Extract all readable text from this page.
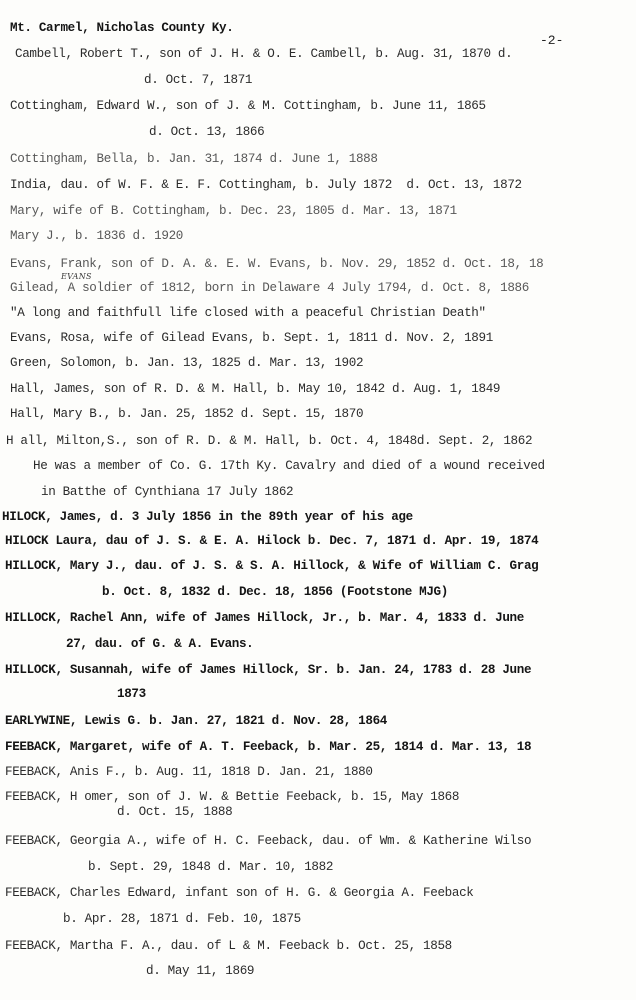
Mt. Carmel, Nicholas County Ky.
-2-
Cambell, Robert T., son of J. H. & O. E. Cambell, b. Aug. 31, 1870 d.
d. Oct. 7, 1871
Cottingham, Edward W., son of J. & M. Cottingham, b. June 11, 1865
d. Oct. 13, 1866
Cottingham, Bella, b. Jan. 31, 1874 d. June 1, 1888
India, dau. of W. F. & E. F. Cottingham, b. July 1872  d. Oct. 13, 1872
Mary, wife of B. Cottingham, b. Dec. 23, 1805 d. Mar. 13, 1871
Mary J., b. 1836 d. 1920
Evans, Frank, son of D. A. &. E. W. Evans, b. Nov. 29, 1852 d. Oct. 18, 18
EVANS
Gilead, A soldier of 1812, born in Delaware 4 July 1794, d. Oct. 8, 1886
"A long and faithfull life closed with a peaceful Christian Death"
Evans, Rosa, wife of Gilead Evans, b. Sept. 1, 1811 d. Nov. 2, 1891
Green, Solomon, b. Jan. 13, 1825 d. Mar. 13, 1902
Hall, James, son of R. D. & M. Hall, b. May 10, 1842 d. Aug. 1, 1849
Hall, Mary B., b. Jan. 25, 1852 d. Sept. 15, 1870
H all, Milton,S., son of R. D. & M. Hall, b. Oct. 4, 1848d. Sept. 2, 1862
He was a member of Co. G. 17th Ky. Cavalry and died of a wound received
in Batthe of Cynthiana 17 July 1862
HILOCK, James, d. 3 July 1856 in the 89th year of his age
HILOCK Laura, dau of J. S. & E. A. Hilock b. Dec. 7, 1871 d. Apr. 19, 1874
HILLOCK, Mary J., dau. of J. S. & S. A. Hillock, & Wife of William C. Grag
b. Oct. 8, 1832 d. Dec. 18, 1856 (Footstone MJG)
HILLOCK, Rachel Ann, wife of James Hillock, Jr., b. Mar. 4, 1833 d. June
27, dau. of G. & A. Evans.
HILLOCK, Susannah, wife of James Hillock, Sr. b. Jan. 24, 1783 d. 28 June
1873
EARLYWINE, Lewis G. b. Jan. 27, 1821 d. Nov. 28, 1864
FEEBACK, Margaret, wife of A. T. Feeback, b. Mar. 25, 1814 d. Mar. 13, 18
FEEBACK, Anis F., b. Aug. 11, 1818 D. Jan. 21, 1880
FEEBACK, H omer, son of J. W. & Bettie Feeback, b. 15, May 1868
d. Oct. 15, 1888
FEEBACK, Georgia A., wife of H. C. Feeback, dau. of Wm. & Katherine Wilso
b. Sept. 29, 1848 d. Mar. 10, 1882
FEEBACK, Charles Edward, infant son of H. G. & Georgia A. Feeback
b. Apr. 28, 1871 d. Feb. 10, 1875
FEEBACK, Martha F. A., dau. of L & M. Feeback b. Oct. 25, 1858
d. May 11, 1869
